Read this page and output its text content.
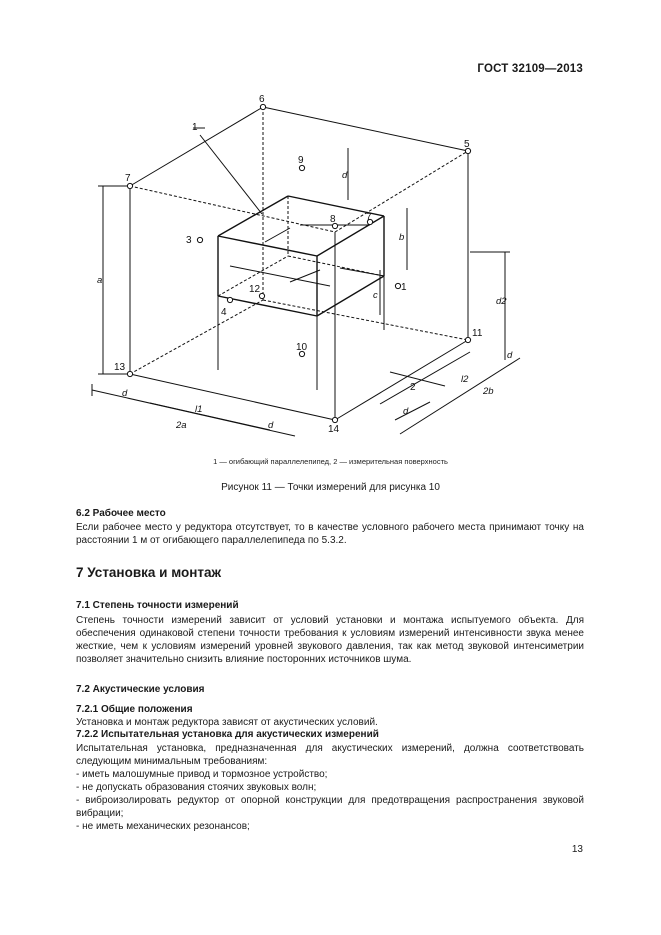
ГОСТ 32109—2013
1
2
3
4
5
6
7
8
9
10
11
12
13
14
7
1
a
d
b
c
d2
d
l2
2b
d
d
l1
2a	d
1 — огибающий параллелепипед, 2 — измерительная поверхность
Рисунок 11 — Точки измерений для рисунка 10
6.2 Рабочее место
Если рабочее место у редуктора отсутствует, то в качестве условного рабочего места принимают точку на расстоянии 1 м от огибающего параллелепипеда по 5.3.2.
7 Установка и монтаж
7.1 Степень точности измерений
Степень точности измерений зависит от условий установки и монтажа испытуемого объекта. Для обеспечения одинаковой степени точности требования к условиям измерений интенсивности звука менее жесткие, чем к условиям измерений уровней звукового давления, так как метод звуковой интенсиметрии позволяет значительно снизить влияние посторонних источников шума.
7.2 Акустические условия
7.2.1 Общие положения
Установка и монтаж редуктора зависят от акустических условий.
7.2.2 Испытательная установка для акустических измерений
Испытательная установка, предназначенная для акустических измерений, должна соответствовать следующим минимальным требованиям:
- иметь малошумные привод и тормозное устройство;
- не допускать образования стоячих звуковых волн;
- виброизолировать редуктор от опорной конструкции для предотвращения распространения звуковой вибрации;
- не иметь механических резонансов;
13
